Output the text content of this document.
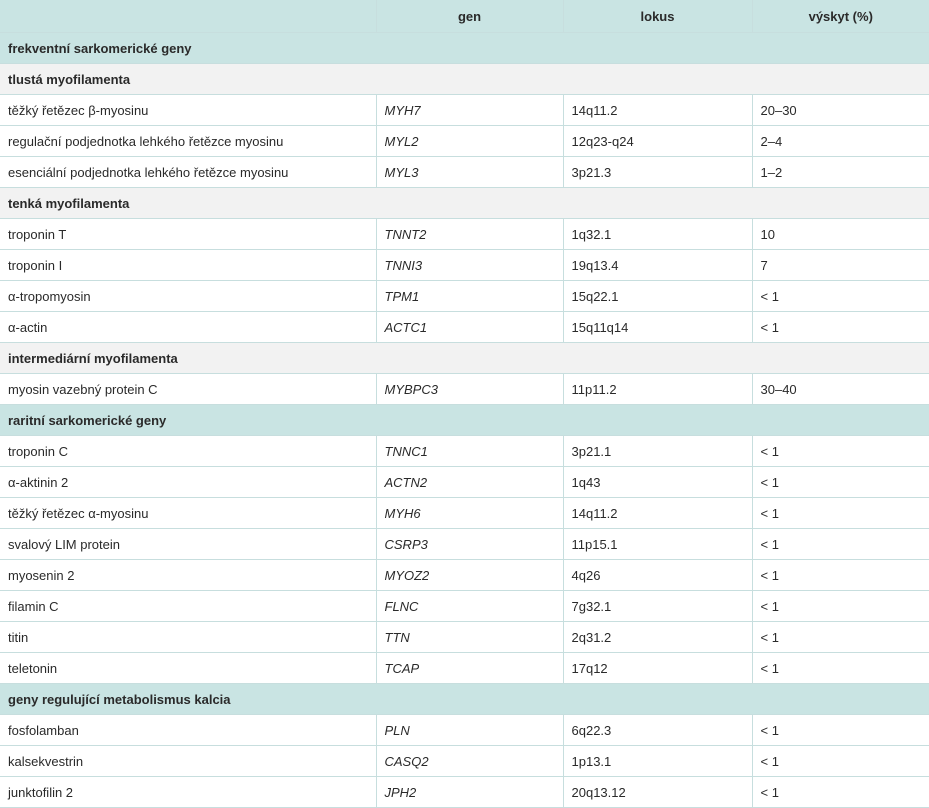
	gen	lokus	výskyt (%)
frekventní sarkomerické geny			
tlustá myofilamenta			
těžký řetězec β-myosinu	MYH7	14q11.2	20–30
regulační podjednotka lehkého řetězce myosinu	MYL2	12q23-q24	2–4
esenciální podjednotka lehkého řetězce myosinu	MYL3	3p21.3	1–2
tenká myofilamenta			
troponin T	TNNT2	1q32.1	10
troponin I	TNNI3	19q13.4	7
α-tropomyosin	TPM1	15q22.1	< 1
α-actin	ACTC1	15q11q14	< 1
intermediární myofilamenta			
myosin vazebný protein C	MYBPC3	11p11.2	30–40
raritní sarkomerické geny			
troponin C	TNNC1	3p21.1	< 1
α-aktinin 2	ACTN2	1q43	< 1
těžký řetězec α-myosinu	MYH6	14q11.2	< 1
svalový LIM protein	CSRP3	11p15.1	< 1
myosenin 2	MYOZ2	4q26	< 1
filamin C	FLNC	7g32.1	< 1
titin	TTN	2q31.2	< 1
teletonin	TCAP	17q12	< 1
geny regulující metabolismus kalcia			
fosfolamban	PLN	6q22.3	< 1
kalsekvestrin	CASQ2	1p13.1	< 1
junktofilin 2	JPH2	20q13.12	< 1
